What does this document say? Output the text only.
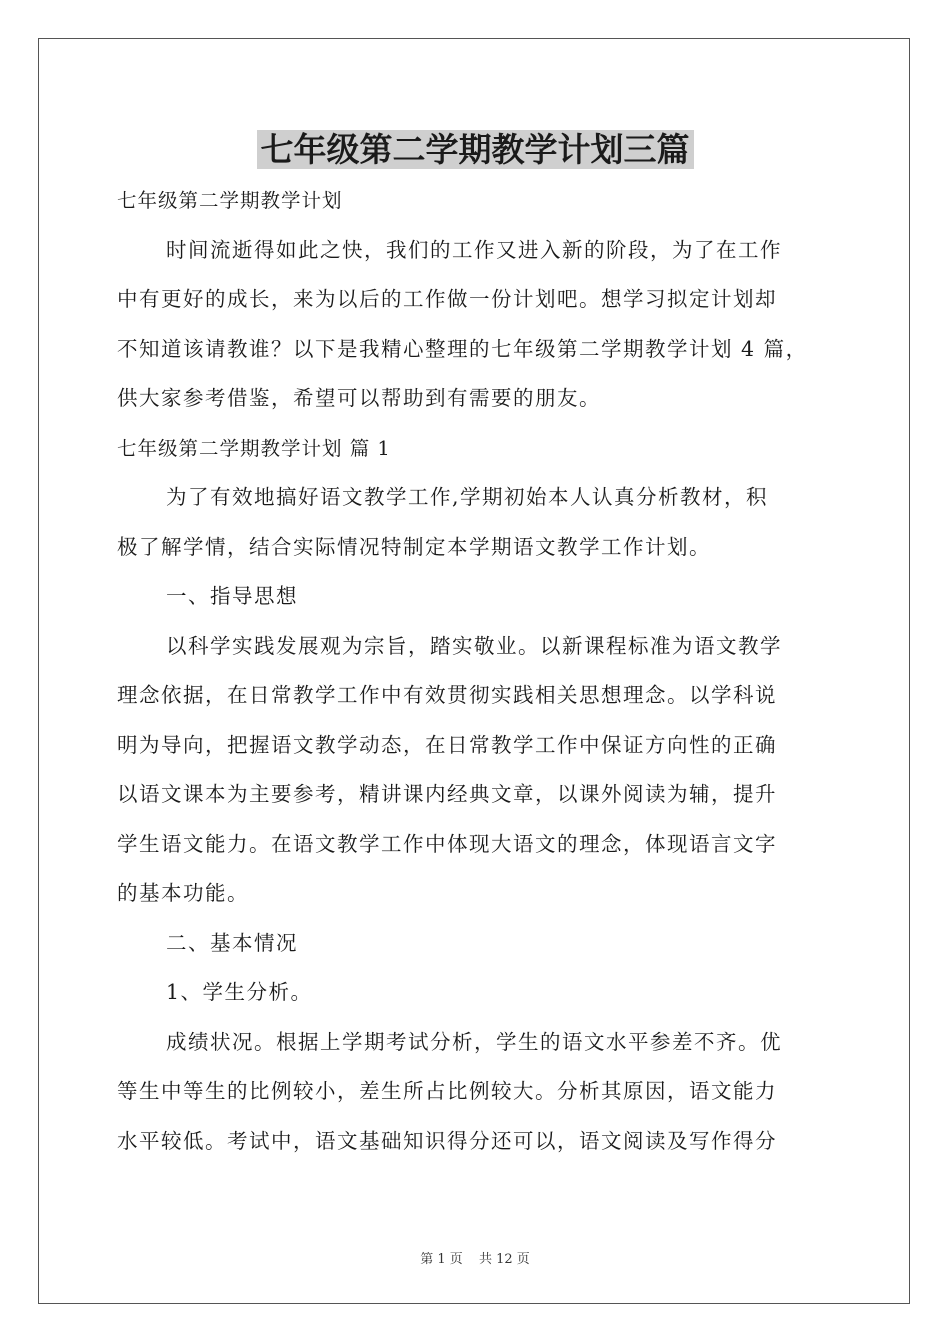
七年级第二学期教学计划三篇
七年级第二学期教学计划
时间流逝得如此之快，我们的工作又进入新的阶段，为了在工作
中有更好的成长，来为以后的工作做一份计划吧。想学习拟定计划却
不知道该请教谁？以下是我精心整理的七年级第二学期教学计划 4 篇，
供大家参考借鉴，希望可以帮助到有需要的朋友。
七年级第二学期教学计划 篇 1
为了有效地搞好语文教学工作,学期初始本人认真分析教材，积
极了解学情，结合实际情况特制定本学期语文教学工作计划。
一、指导思想
以科学实践发展观为宗旨，踏实敬业。以新课程标准为语文教学
理念依据，在日常教学工作中有效贯彻实践相关思想理念。以学科说
明为导向，把握语文教学动态，在日常教学工作中保证方向性的正确
以语文课本为主要参考，精讲课内经典文章，以课外阅读为辅，提升
学生语文能力。在语文教学工作中体现大语文的理念，体现语言文字
的基本功能。
二、基本情况
1、学生分析。
成绩状况。根据上学期考试分析，学生的语文水平参差不齐。优
等生中等生的比例较小，差生所占比例较大。分析其原因，语文能力
水平较低。考试中，语文基础知识得分还可以，语文阅读及写作得分
第 1 页 共 12 页
